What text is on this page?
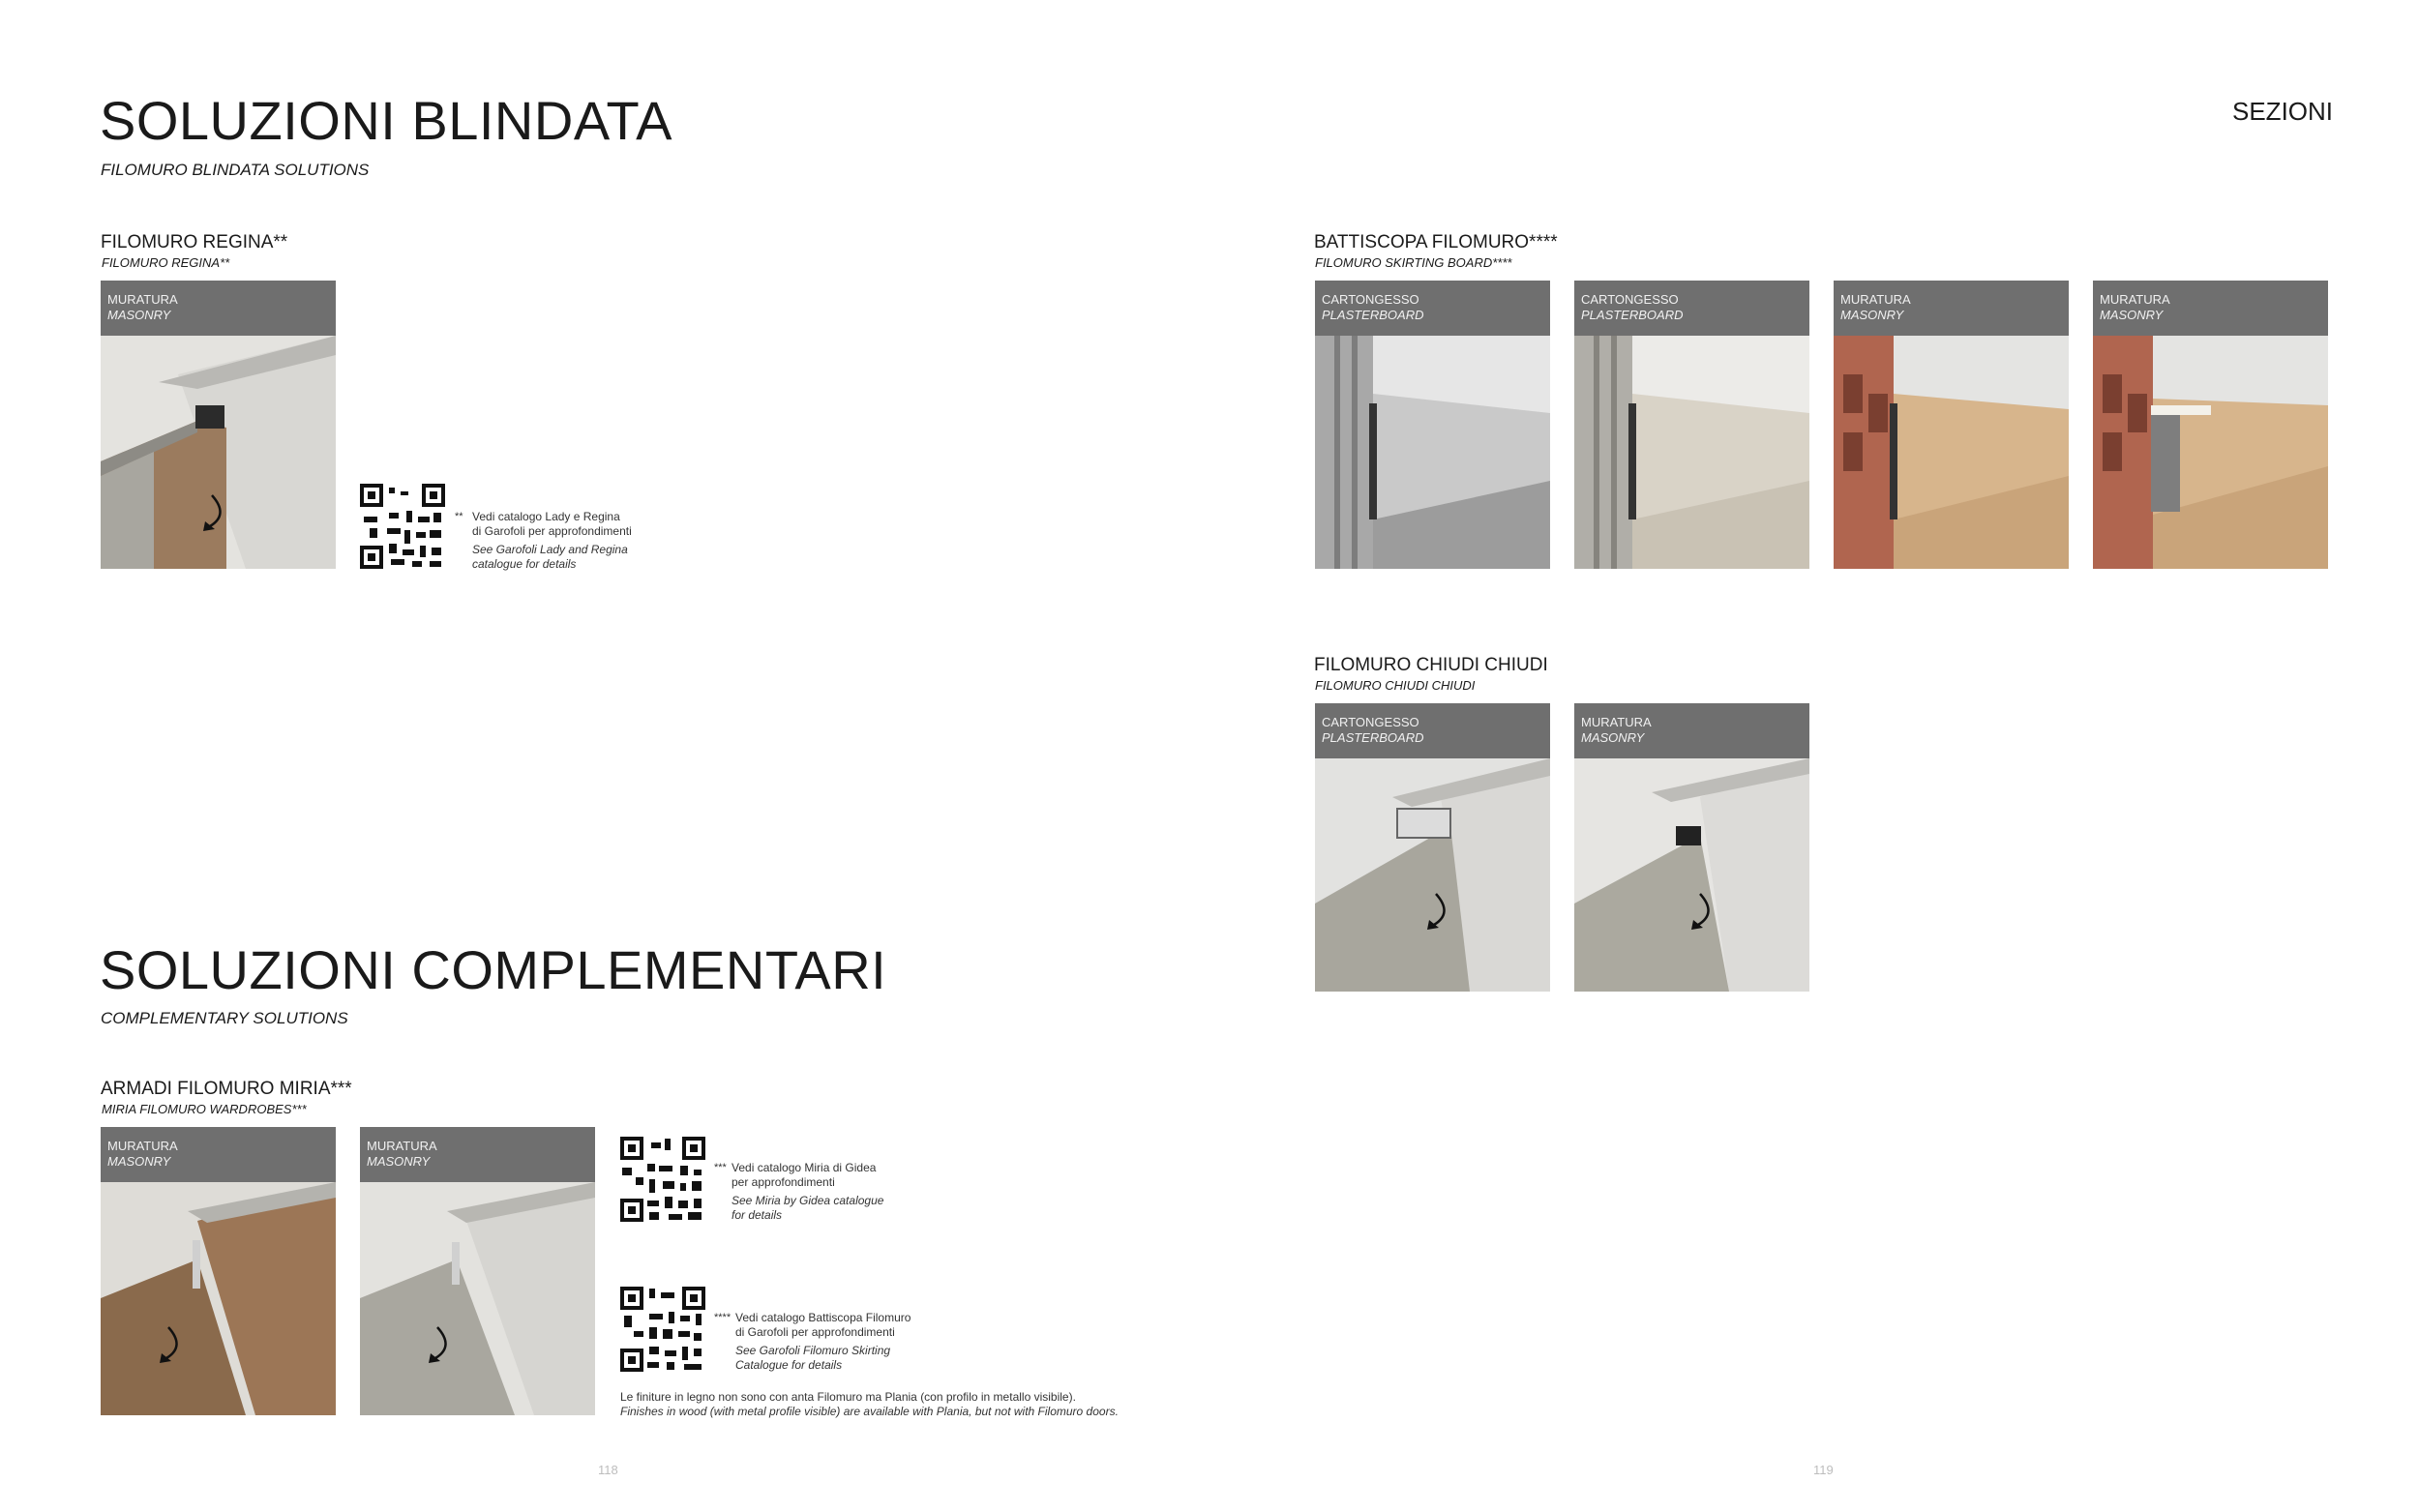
SOLUZIONI BLINDATA
FILOMURO BLINDATA SOLUTIONS
FILOMURO REGINA**
FILOMURO REGINA**
MURATURA
MASONRY
** Vedi catalogo Lady e Regina
di Garofoli per approfondimenti
See Garofoli Lady and Regina
catalogue for details
SOLUZIONI COMPLEMENTARI
COMPLEMENTARY SOLUTIONS
ARMADI FILOMURO MIRIA***
MIRIA FILOMURO WARDROBES***
MURATURA
MASONRY
MURATURA
MASONRY	*** Vedi catalogo Miria di Gidea
per approfondimenti
See Miria by Gidea catalogue
for details
**** Vedi catalogo Battiscopa Filomuro
di Garofoli per approfondimenti
See Garofoli Filomuro Skirting
Catalogue for details
Le finiture in legno non sono con anta Filomuro ma Plania (con profilo in metallo visibile).
Finishes in wood (with metal profile visible) are available with Plania, but not with Filomuro doors.
118
SEZIONI
BATTISCOPA FILOMURO****
FILOMURO SKIRTING BOARD****
CARTONGESSO
PLASTERBOARD
CARTONGESSO
PLASTERBOARD
MURATURA
MASONRY
MURATURA
MASONRY
FILOMURO CHIUDI CHIUDI
FILOMURO CHIUDI CHIUDI
CARTONGESSO
PLASTERBOARD
MURATURA
MASONRY
119
